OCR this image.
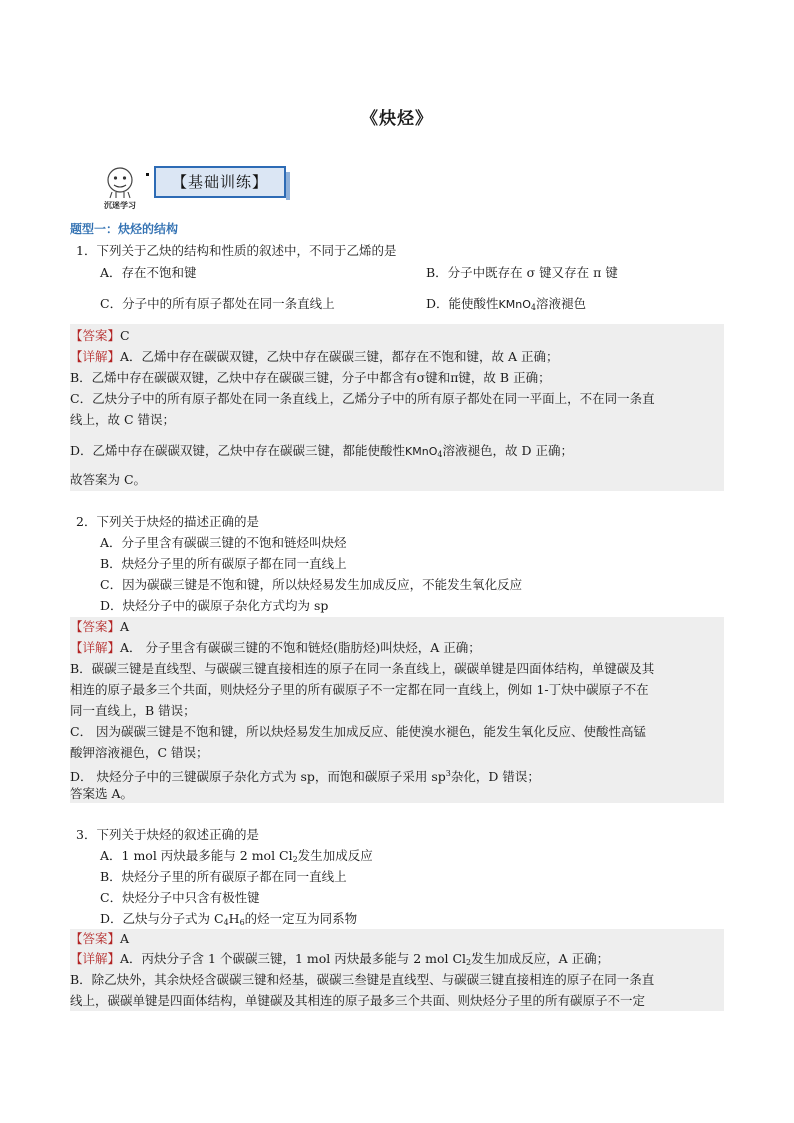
《炔烃》
沉迷学习
【基础训练】
题型一：炔烃的结构
1．下列关于乙炔的结构和性质的叙述中，不同于乙烯的是
A．存在不饱和键	B．分子中既存在 σ 键又存在 π 键
C．分子中的所有原子都处在同一条直线上	D．能使酸性KMnO$_4$溶液褪色
【答案】C
【详解】A．乙烯中存在碳碳双键，乙炔中存在碳碳三键，都存在不饱和键，故 A 正确；
B．乙烯中存在碳碳双键，乙炔中存在碳碳三键，分子中都含有σ键和π键，故 B 正确；
C．乙炔分子中的所有原子都处在同一条直线上，乙烯分子中的所有原子都处在同一平面上，不在同一条直
线上，故 C 错误；
D．乙烯中存在碳碳双键，乙炔中存在碳碳三键，都能使酸性KMnO$_4$溶液褪色，故 D 正确；
故答案为 C。
2．下列关于炔烃的描述正确的是
A．分子里含有碳碳三键的不饱和链烃叫炔烃
B．炔烃分子里的所有碳原子都在同一直线上
C．因为碳碳三键是不饱和键，所以炔烃易发生加成反应，不能发生氧化反应
D．炔烃分子中的碳原子杂化方式均为 sp
【答案】A
【详解】A． 分子里含有碳碳三键的不饱和链烃(脂肪烃)叫炔烃，A 正确；
B．碳碳三键是直线型、与碳碳三键直接相连的原子在同一条直线上，碳碳单键是四面体结构，单键碳及其
相连的原子最多三个共面，则炔烃分子里的所有碳原子不一定都在同一直线上，例如 1-丁炔中碳原子不在
同一直线上，B 错误；
C． 因为碳碳三键是不饱和键，所以炔烃易发生加成反应、能使溴水褪色，能发生氧化反应、使酸性高锰
酸钾溶液褪色，C 错误；
D． 炔烃分子中的三键碳原子杂化方式为 sp，而饱和碳原子采用 $sp^3$杂化，D 错误；
答案选 A。
3．下列关于炔烃的叙述正确的是
A．1 mol 丙炔最多能与 2 mol $Cl_2$发生加成反应
B．炔烃分子里的所有碳原子都在同一直线上
C．炔烃分子中只含有极性键
D．乙炔与分子式为 $C_4H_6$的烃一定互为同系物
【答案】A
【详解】A．丙炔分子含 1 个碳碳三键，1 mol 丙炔最多能与 2 mol $Cl_2$发生加成反应，A 正确；
B．除乙炔外，其余炔烃含碳碳三键和烃基，碳碳三叁键是直线型、与碳碳三键直接相连的原子在同一条直
线上，碳碳单键是四面体结构，单键碳及其相连的原子最多三个共面、则炔烃分子里的所有碳原子不一定
